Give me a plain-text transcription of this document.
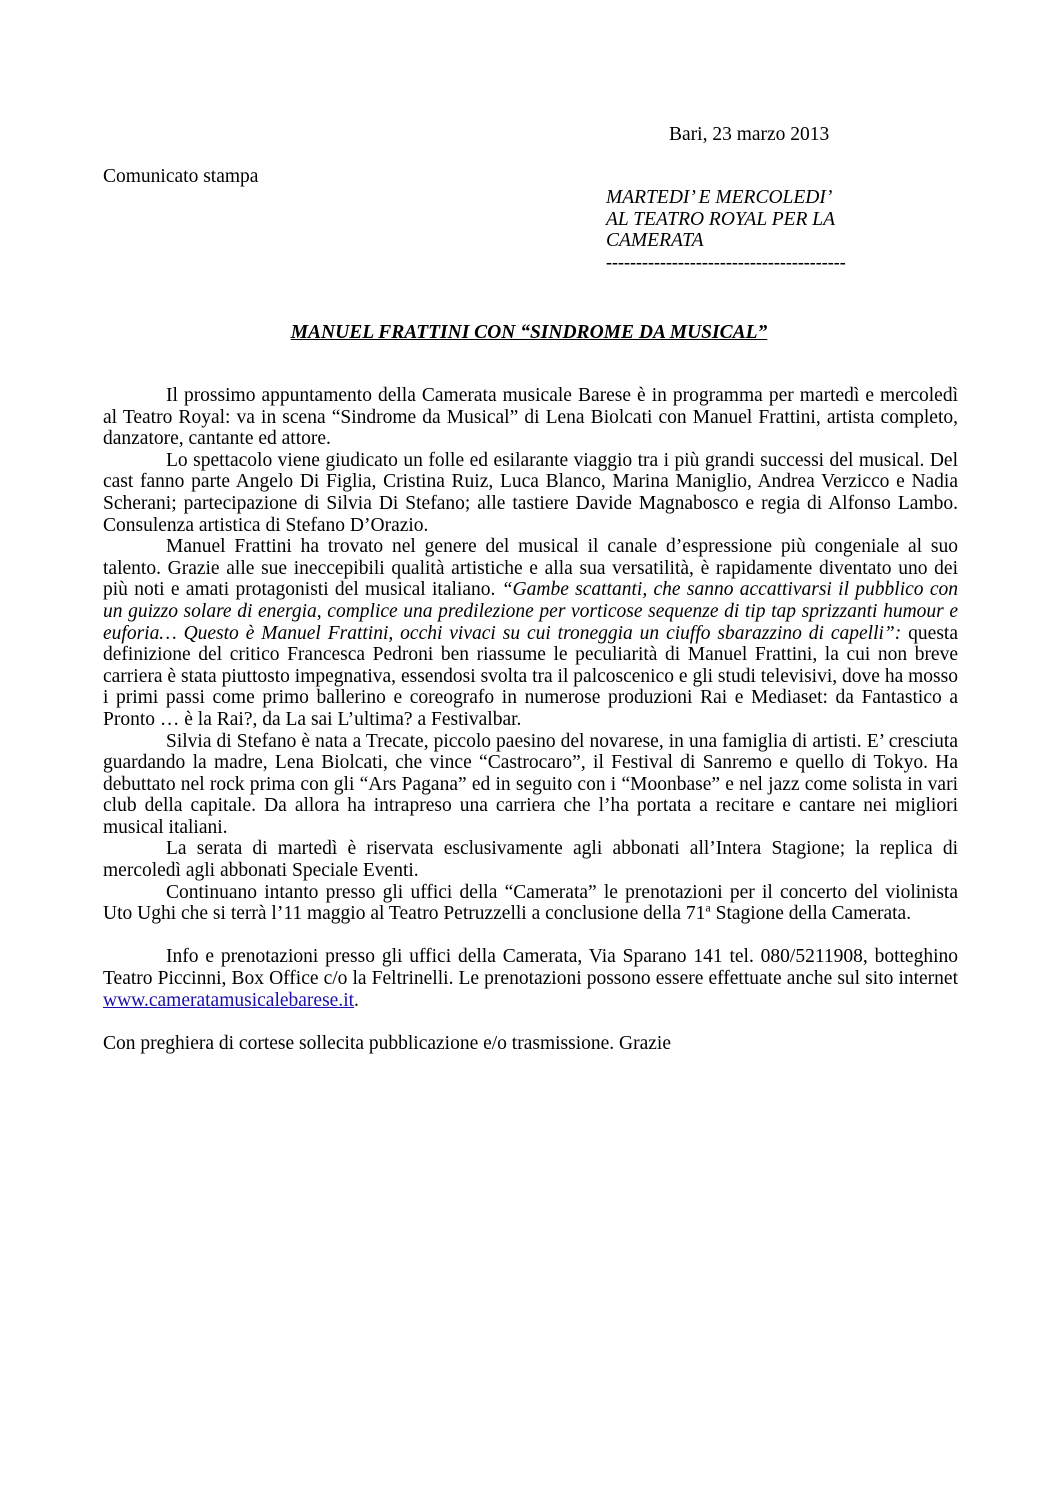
Bari, 23 marzo 2013
Comunicato stampa
MARTEDI’ E MERCOLEDI’
AL TEATRO ROYAL PER LA
CAMERATA
----------------------------------------
MANUEL FRATTINI CON “SINDROME DA MUSICAL”

Il prossimo appuntamento della Camerata musicale Barese è in programma per martedì e mercoledì al Teatro Royal: va in scena “Sindrome da Musical” di Lena Biolcati con Manuel Frattini, artista completo, danzatore, cantante ed attore.

Lo spettacolo viene giudicato un folle ed esilarante viaggio tra i più grandi successi del musical. Del cast fanno parte Angelo Di Figlia, Cristina Ruiz, Luca Blanco, Marina Maniglio, Andrea Verzicco e Nadia Scherani; partecipazione di Silvia Di Stefano; alle tastiere Davide Magnabosco e regia di Alfonso Lambo. Consulenza artistica di Stefano D’Orazio.

Manuel Frattini ha trovato nel genere del musical il canale d’espressione più congeniale al suo talento. Grazie alle sue ineccepibili qualità artistiche e alla sua versatilità, è rapidamente diventato uno dei più noti e amati protagonisti del musical italiano. “Gambe scattanti, che sanno accattivarsi il pubblico con un guizzo solare di energia, complice una predilezione per vorticose sequenze di tip tap sprizzanti humour e euforia… Questo è Manuel Frattini, occhi vivaci su cui troneggia un ciuffo sbarazzino di capelli”: questa definizione del critico Francesca Pedroni ben riassume le peculiarità di Manuel Frattini, la cui non breve carriera è stata piuttosto impegnativa, essendosi svolta tra il palcoscenico e gli studi televisivi, dove ha mosso i primi passi come primo ballerino e coreografo in numerose produzioni Rai e Mediaset: da Fantastico a Pronto … è la Rai?, da La sai L’ultima? a Festivalbar.

Silvia di Stefano è nata a Trecate, piccolo paesino del novarese, in una famiglia di artisti. E’ cresciuta guardando la madre, Lena Biolcati, che vince “Castrocaro”, il Festival di Sanremo e quello di Tokyo. Ha debuttato nel rock prima con gli “Ars Pagana” ed in seguito con i “Moonbase” e nel jazz come solista in vari club della capitale. Da allora ha intrapreso una carriera che l’ha portata a recitare e cantare nei migliori musical italiani.

La serata di martedì è riservata esclusivamente agli abbonati all’Intera Stagione; la replica di mercoledì agli abbonati Speciale Eventi.

Continuano intanto presso gli uffici della “Camerata” le prenotazioni per il concerto del violinista Uto Ughi che si terrà l’11 maggio al Teatro Petruzzelli a conclusione della 71$^a$ Stagione della Camerata.

Info e prenotazioni presso gli uffici della Camerata, Via Sparano 141 tel. 080/5211908, botteghino Teatro Piccinni, Box Office c/o la Feltrinelli. Le prenotazioni possono essere effettuate anche sul sito internet www.cameratamusicalebarese.it.

Con preghiera di cortese sollecita pubblicazione e/o trasmissione. Grazie
